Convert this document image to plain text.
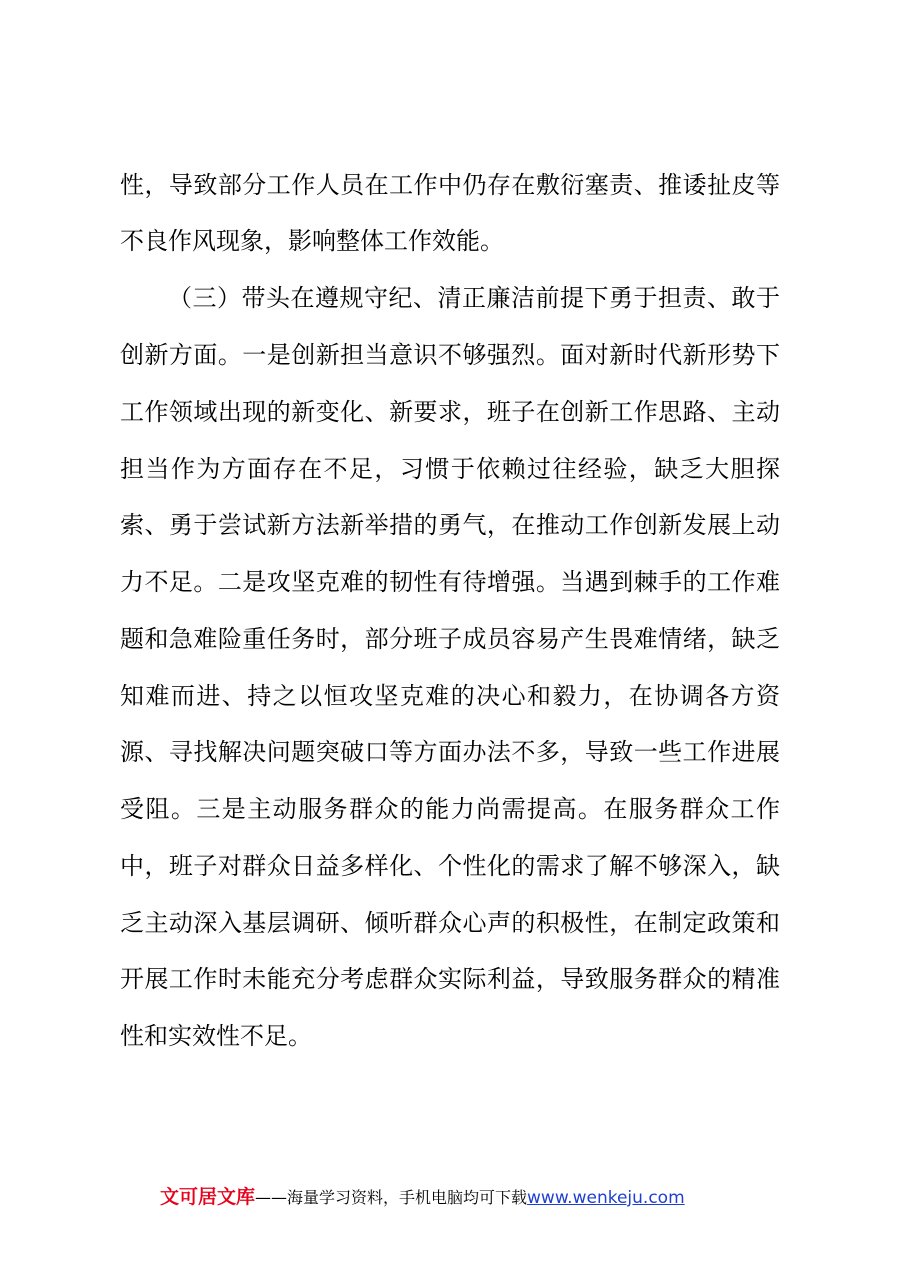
性，导致部分工作人员在工作中仍存在敷衍塞责、推诿扯皮等
不良作风现象，影响整体工作效能。
（三）带头在遵规守纪、清正廉洁前提下勇于担责、敢于
创新方面。一是创新担当意识不够强烈。面对新时代新形势下
工作领域出现的新变化、新要求，班子在创新工作思路、主动
担当作为方面存在不足，习惯于依赖过往经验，缺乏大胆探
索、勇于尝试新方法新举措的勇气，在推动工作创新发展上动
力不足。二是攻坚克难的韧性有待增强。当遇到棘手的工作难
题和急难险重任务时，部分班子成员容易产生畏难情绪，缺乏
知难而进、持之以恒攻坚克难的决心和毅力，在协调各方资
源、寻找解决问题突破口等方面办法不多，导致一些工作进展
受阻。三是主动服务群众的能力尚需提高。在服务群众工作
中，班子对群众日益多样化、个性化的需求了解不够深入，缺
乏主动深入基层调研、倾听群众心声的积极性，在制定政策和
开展工作时未能充分考虑群众实际利益，导致服务群众的精准
性和实效性不足。
文可居文库——海量学习资料，手机电脑均可下载www.wenkeju.com
